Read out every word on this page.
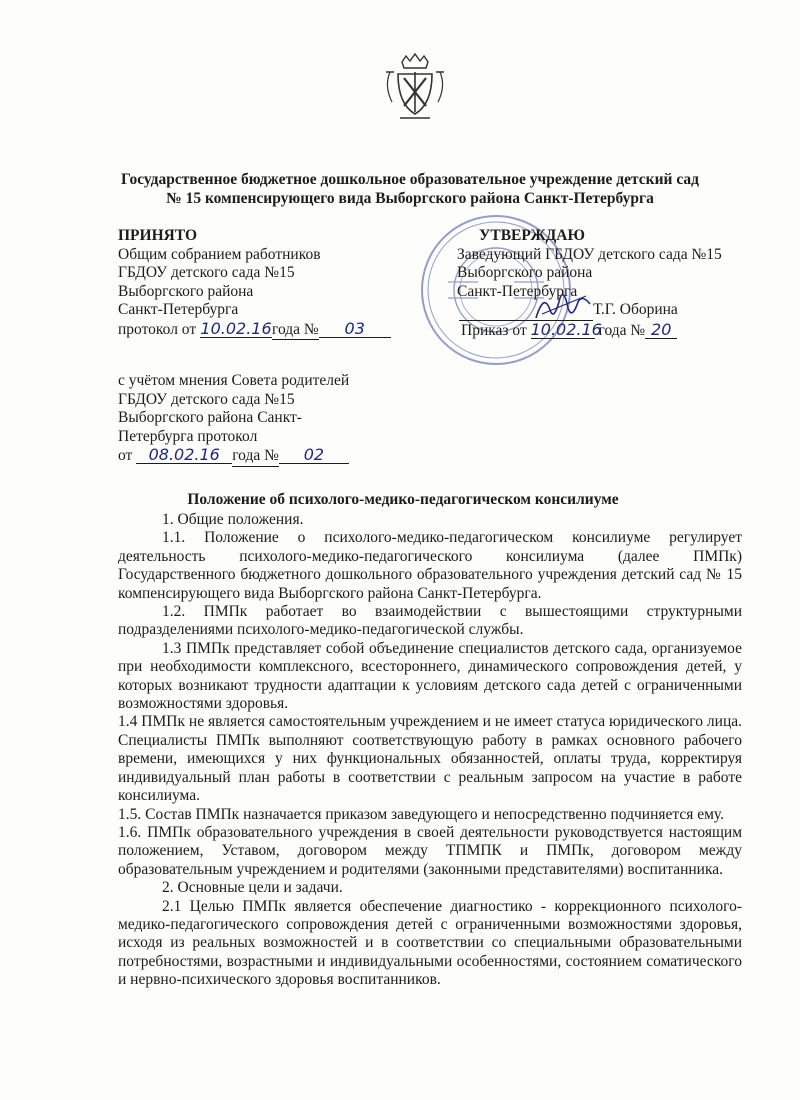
Государственное бюджетное дошкольное образовательное учреждение детский сад
№ 15 компенсирующего вида Выборгского района Санкт-Петербурга
ПРИНЯТО
Общим собранием работников
ГБДОУ детского сада №15
Выборгского района
Санкт-Петербурга
протокол от 10.02.16года № 03
УТВЕРЖДАЮ
Заведующий ГБДОУ детского сада №15
Выборгского района
Санкт-Петербурга
Т.Г. Оборина
Приказ от 10.02.16 года № 20
с учётом мнения Совета родителей
ГБДОУ детского сада №15
Выборгского района Санкт-
Петербурга протокол
от 08.02.16 года №02
Положение об психолого-медико-педагогическом консилиуме

1. Общие положения.

1.1. Положение о психолого-медико-педагогическом консилиуме регулирует деятельность психолого-медико-педагогического консилиума (далее ПМПк) Государственного бюджетного дошкольного образовательного учреждения детский сад № 15 компенсирующего вида Выборгского района Санкт-Петербурга.

1.2. ПМПк работает во взаимодействии с вышестоящими структурными подразделениями психолого-медико-педагогической службы.

1.3 ПМПк представляет собой объединение специалистов детского сада, организуемое при необходимости комплексного, всестороннего, динамического сопровождения детей, у которых возникают трудности адаптации к условиям детского сада детей с ограниченными возможностями здоровья.

1.4 ПМПк не является самостоятельным учреждением и не имеет статуса юридического лица. Специалисты ПМПк выполняют соответствующую работу в рамках основного рабочего времени, имеющихся у них функциональных обязанностей, оплаты труда, корректируя индивидуальный план работы в соответствии с реальным запросом на участие в работе консилиума.

1.5. Состав ПМПк назначается приказом заведующего и непосредственно подчиняется ему.

1.6. ПМПк образовательного учреждения в своей деятельности руководствуется настоящим положением, Уставом, договором между ТПМПК и ПМПк, договором между образовательным учреждением и родителями (законными представителями) воспитанника.

2. Основные цели и задачи.

2.1 Целью ПМПк является обеспечение диагностико - коррекционного психолого-медико-педагогического сопровождения детей с ограниченными возможностями здоровья, исходя из реальных возможностей и в соответствии со специальными образовательными потребностями, возрастными и индивидуальными особенностями, состоянием соматического и нервно-психического здоровья воспитанников.
